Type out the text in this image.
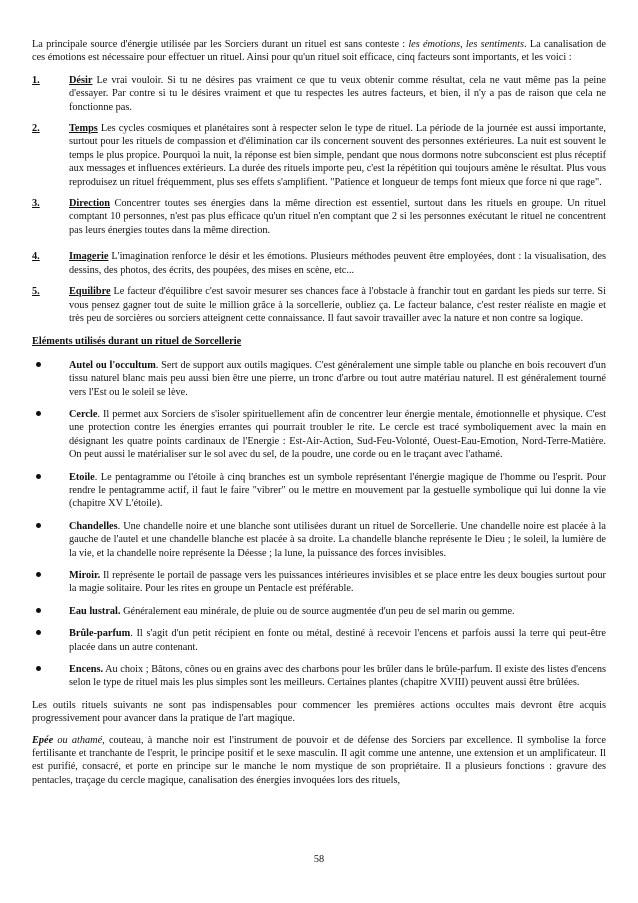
La principale source d'énergie utilisée par les Sorciers durant un rituel est sans conteste : les émotions, les sentiments. La canalisation de ces émotions est nécessaire pour effectuer un rituel. Ainsi pour qu'un rituel soit efficace, cinq facteurs sont importants, et les voici :

1.	Désir Le vrai vouloir. Si tu ne désires pas vraiment ce que tu veux obtenir comme résultat, cela ne vaut même pas la peine d'essayer. Par contre si tu le désires vraiment et que tu respectes les autres facteurs, et bien, il n'y a pas de raison que cela ne fonctionne pas.
2.	Temps Les cycles cosmiques et planétaires sont à respecter selon le type de rituel. La période de la journée est aussi importante, surtout pour les rituels de compassion et d'élimination car ils concernent souvent des personnes extérieures. La nuit est souvent le temps le plus propice. Pourquoi la nuit, la réponse est bien simple, pendant que nous dormons notre subconscient est plus réceptif aux messages et influences extérieurs. La durée des rituels importe peu, c'est la répétition qui toujours amène le résultat. Plus vous reproduisez un rituel fréquemment, plus ses effets s'amplifient. "Patience et longueur de temps font mieux que force ni que rage".
3.	Direction Concentrer toutes ses énergies dans la même direction est essentiel, surtout dans les rituels en groupe. Un rituel comptant 10 personnes, n'est pas plus efficace qu'un rituel n'en comptant que 2 si les personnes exécutant le rituel ne concentrent pas leurs énergies toutes dans la même direction.
4.	Imagerie L'imagination renforce le désir et les émotions. Plusieurs méthodes peuvent être employées, dont : la visualisation, des dessins, des photos, des écrits, des poupées, des mises en scène, etc...
5.	Equilibre Le facteur d'équilibre c'est savoir mesurer ses chances face à l'obstacle à franchir tout en gardant les pieds sur terre. Si vous pensez gagner tout de suite le million grâce à la sorcellerie, oubliez ça. Le facteur balance, c'est rester réaliste en magie et très peu de sorcières ou sorciers atteignent cette connaissance. Il faut savoir travailler avec la nature et non contre sa logique.
Eléments utilisés durant un rituel de Sorcellerie
Autel ou l'occultum. Sert de support aux outils magiques. C'est généralement une simple table ou planche en bois recouvert d'un tissu naturel blanc mais peu aussi bien être une pierre, un tronc d'arbre ou tout autre matériau naturel. Il est généralement tourné vers l'Est ou le soleil se lève.
Cercle. Il permet aux Sorciers de s'isoler spirituellement afin de concentrer leur énergie mentale, émotionnelle et physique. C'est une protection contre les énergies errantes qui pourrait troubler le rite. Le cercle est tracé symboliquement avec la main en désignant les quatre points cardinaux de l'Energie : Est-Air-Action, Sud-Feu-Volonté, Ouest-Eau-Emotion, Nord-Terre-Matière. On peut aussi le matérialiser sur le sol avec du sel, de la poudre, une corde ou en le traçant avec l'athamé.
Etoile. Le pentagramme ou l'étoile à cinq branches est un symbole représentant l'énergie magique de l'homme ou l'esprit. Pour rendre le pentagramme actif, il faut le faire "vibrer" ou le mettre en mouvement par la gestuelle symbolique qui lui donne la vie (chapitre XV L'étoile).
Chandelles. Une chandelle noire et une blanche sont utilisées durant un rituel de Sorcellerie. Une chandelle noire est placée à la gauche de l'autel et une chandelle blanche est placée à sa droite. La chandelle blanche représente le Dieu ; le soleil, la lumière de la vie, et la chandelle noire représente la Déesse ; la lune, la puissance des forces invisibles.
Miroir. Il représente le portail de passage vers les puissances intérieures invisibles et se place entre les deux bougies surtout pour la magie solitaire. Pour les rites en groupe un Pentacle est préférable.
Eau lustral. Généralement eau minérale, de pluie ou de source augmentée d'un peu de sel marin ou gemme.
Brûle-parfum. Il s'agit d'un petit récipient en fonte ou métal, destiné à recevoir l'encens et parfois aussi la terre qui peut-être placée dans un autre contenant.
Encens. Au choix ; Bâtons, cônes ou en grains avec des charbons pour les brûler dans le brûle-parfum. Il existe des listes d'encens selon le type de rituel mais les plus simples sont les meilleurs. Certaines plantes (chapitre XVIII) peuvent aussi être brûlées.

Les outils rituels suivants ne sont pas indispensables pour commencer les premières actions occultes mais devront être acquis progressivement pour avancer dans la pratique de l'art magique.

Epée ou athamé, couteau, à manche noir est l'instrument de pouvoir et de défense des Sorciers par excellence. Il symbolise la force fertilisante et tranchante de l'esprit, le principe positif et le sexe masculin. Il agit comme une antenne, une extension et un amplificateur. Il est purifié, consacré, et porte en principe sur le manche le nom mystique de son propriétaire. Il a plusieurs fonctions : gravure des pentacles, traçage du cercle magique, canalisation des énergies invoquées lors des rituels,

58
